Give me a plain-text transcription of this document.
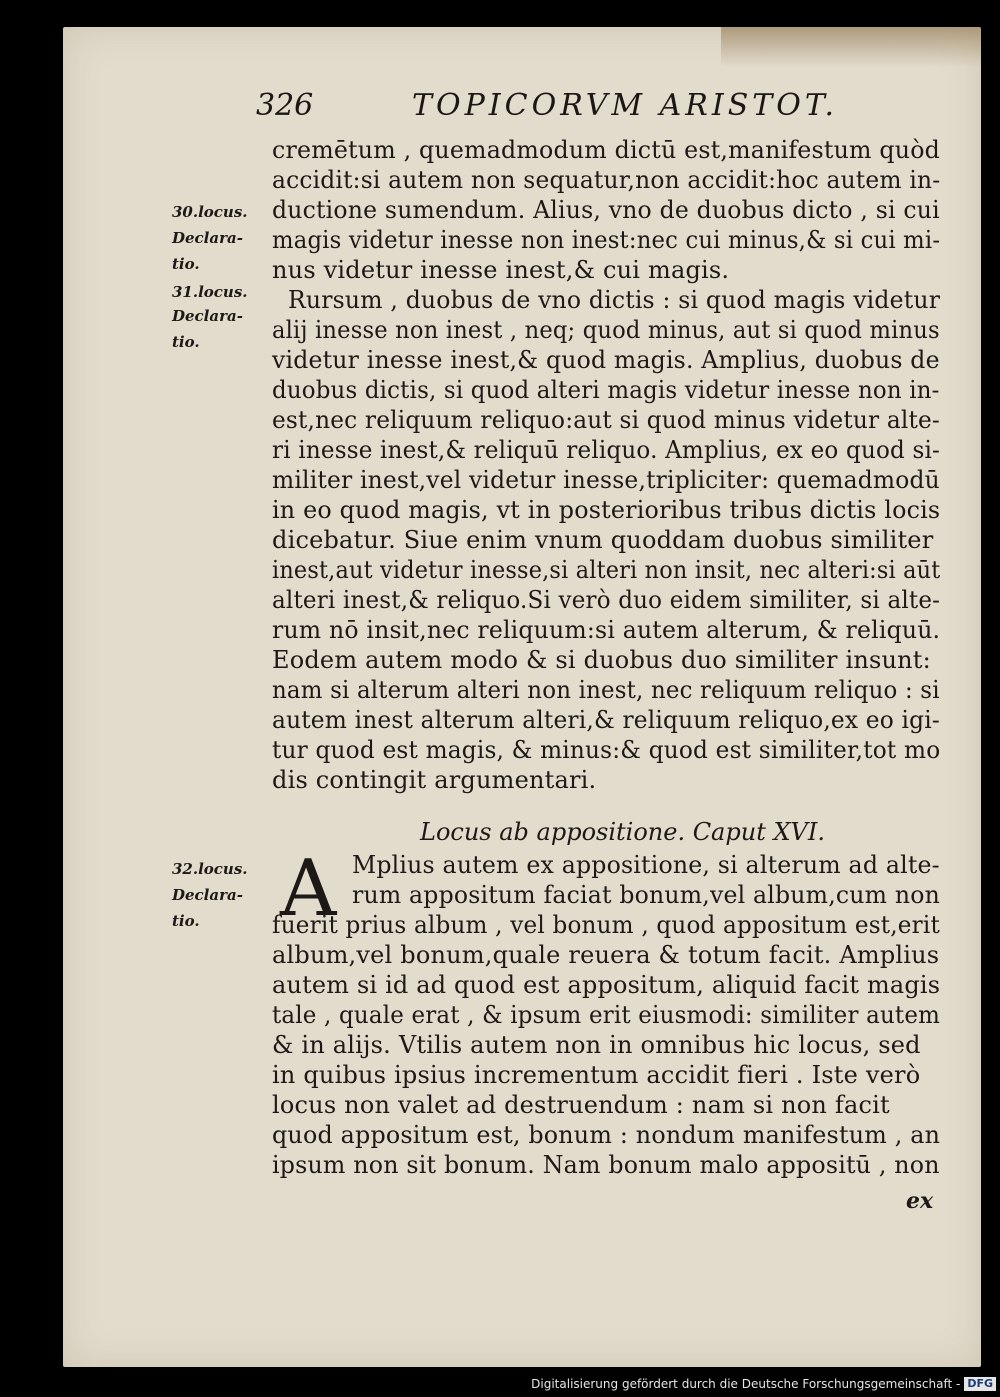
326	TOPICORVM ARISTOT.
30.locus.
Declara-
tio.
31.locus.
Declara-
tio.
32.locus.
Declara-
tio.
cremētum , quemadmodum dictū est,manifestum quòd
accidit:si autem non sequatur,non accidit:hoc autem in-
ductione sumendum. Alius, vno de duobus dicto , si cui
magis videtur inesse non inest:nec cui minus,& si cui mi-
nus videtur inesse inest,& cui magis.
Rursum , duobus de vno dictis : si quod magis videtur
alij inesse non inest , neq; quod minus, aut si quod minus
videtur inesse inest,& quod magis. Amplius, duobus de
duobus dictis, si quod alteri magis videtur inesse non in-
est,nec reliquum reliquo:aut si quod minus videtur alte-
ri inesse inest,& reliquū reliquo. Amplius, ex eo quod si-
militer inest,vel videtur inesse,tripliciter: quemadmodū
in eo quod magis, vt in posterioribus tribus dictis locis
dicebatur. Siue enim vnum quoddam duobus similiter
inest,aut videtur inesse,si alteri non insit, nec alteri:si aūt
alteri inest,& reliquo.Si verò duo eidem similiter, si alte-
rum nō insit,nec reliquum:si autem alterum, & reliquū.
Eodem autem modo & si duobus duo similiter insunt:
nam si alterum alteri non inest, nec reliquum reliquo : si
autem inest alterum alteri,& reliquum reliquo,ex eo igi-
tur quod est magis, & minus:& quod est similiter,tot mo
dis contingit argumentari.
Locus ab appositione. Caput XVI.
A Mplius autem ex appositione, si alterum ad alte-
rum appositum faciat bonum,vel album,cum non
fuerit prius album , vel bonum , quod appositum est,erit
album,vel bonum,quale reuera & totum facit. Amplius
autem si id ad quod est appositum, aliquid facit magis
tale , quale erat , & ipsum erit eiusmodi: similiter autem
& in alijs. Vtilis autem non in omnibus hic locus, sed
in quibus ipsius incrementum accidit fieri . Iste verò
locus non valet ad destruendum : nam si non facit
quod appositum est, bonum : nondum manifestum , an
ipsum non sit bonum. Nam bonum malo appositū , non
ex
Digitalisierung gefördert durch die Deutsche Forschungsgemeinschaft - DFG
